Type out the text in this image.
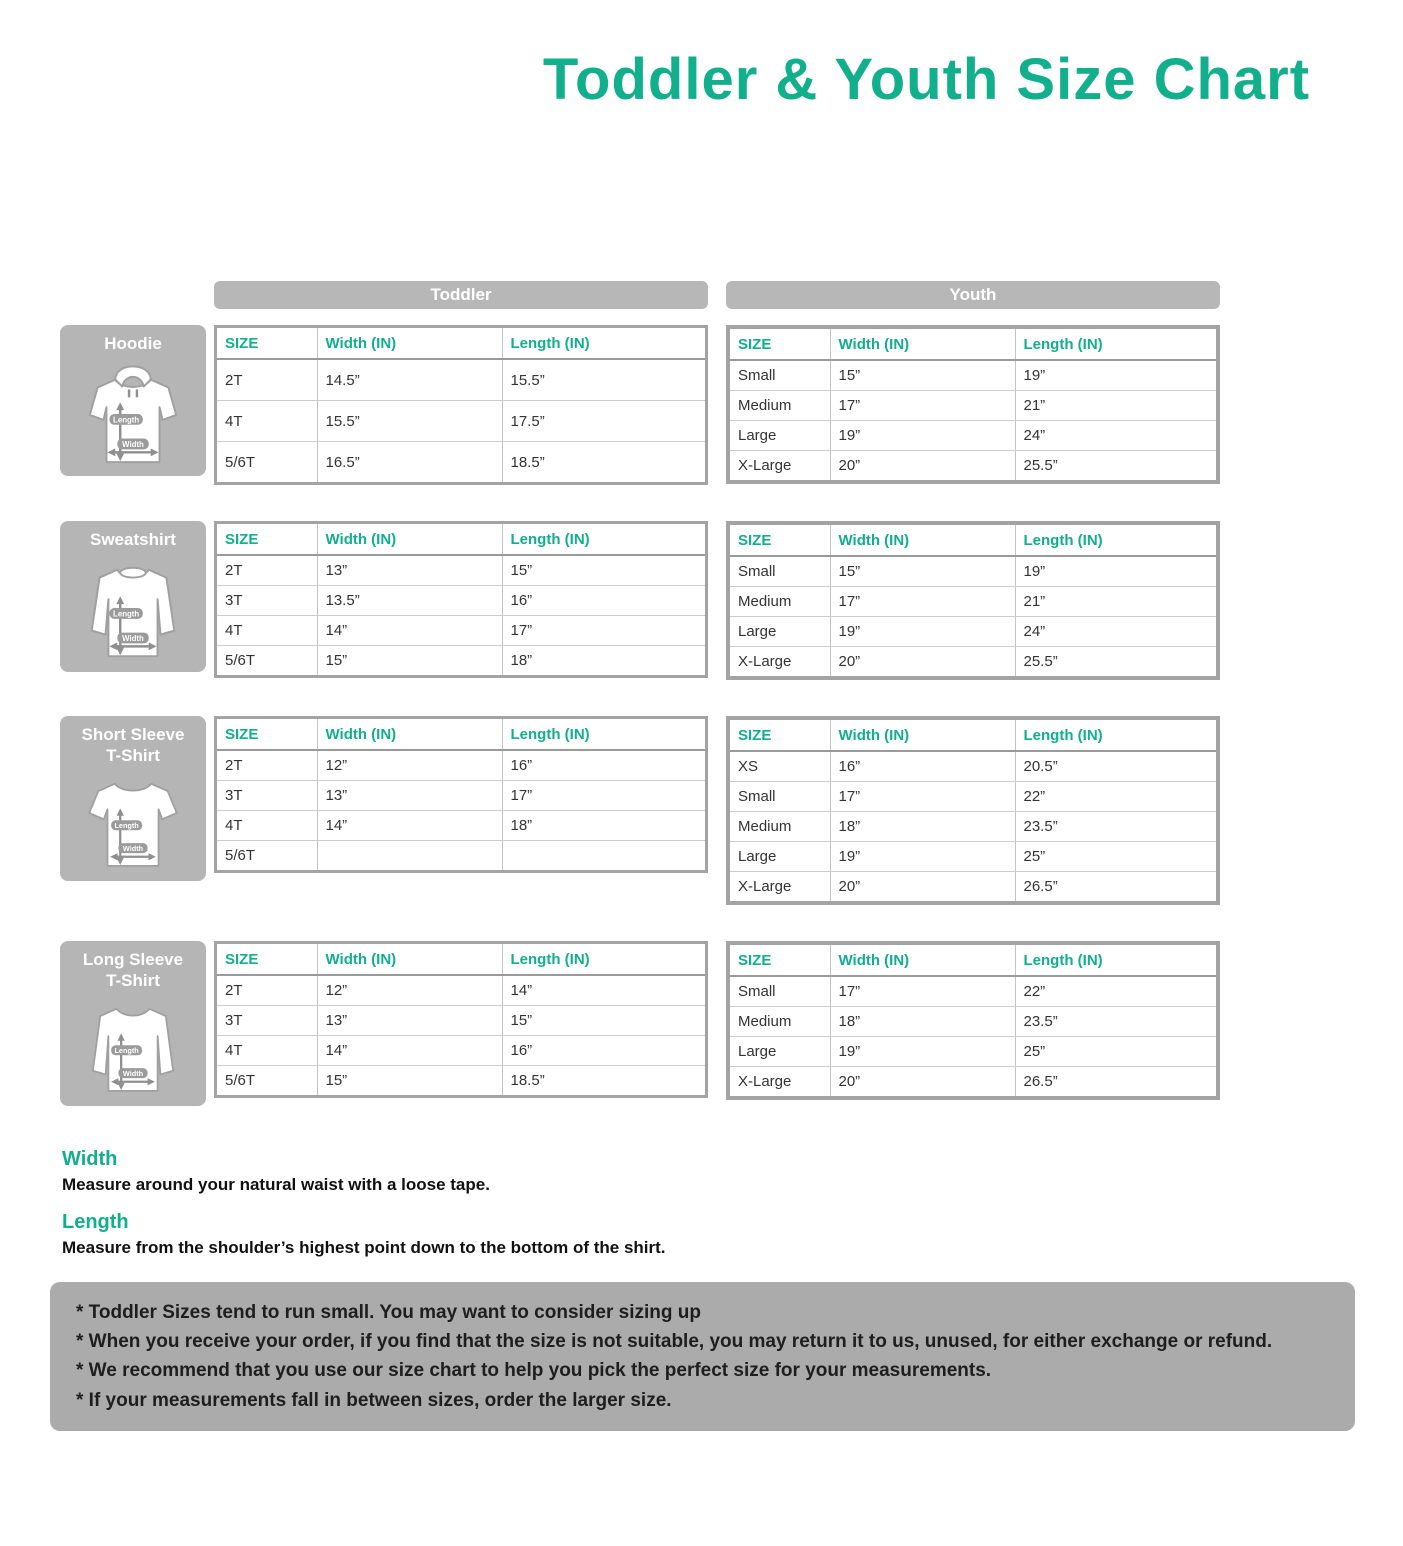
Toddler & Youth Size Chart
Toddler	Youth
Hoodie
Length
Width
SIZE	Width (IN)	Length (IN)
2T	14.5”	15.5”
4T	15.5”	17.5”
5/6T	16.5”	18.5”
SIZE	Width (IN)	Length (IN)
Small	15”	19”
Medium	17”	21”
Large	19”	24”
X-Large	20”	25.5”
Sweatshirt
Length
Width
SIZE	Width (IN)	Length (IN)
2T	13”	15”
3T	13.5”	16”
4T	14”	17”
5/6T	15”	18”
SIZE	Width (IN)	Length (IN)
Small	15”	19”
Medium	17”	21”
Large	19”	24”
X-Large	20”	25.5”
Short Sleeve
T-Shirt
Length
Width
SIZE	Width (IN)	Length (IN)
2T	12”	16”
3T	13”	17”
4T	14”	18”
5/6T		
SIZE	Width (IN)	Length (IN)
XS	16”	20.5”
Small	17”	22”
Medium	18”	23.5”
Large	19”	25”
X-Large	20”	26.5”
Long Sleeve
T-Shirt
Length
Width
SIZE	Width (IN)	Length (IN)
2T	12”	14”
3T	13”	15”
4T	14”	16”
5/6T	15”	18.5”
SIZE	Width (IN)	Length (IN)
Small	17”	22”
Medium	18”	23.5”
Large	19”	25”
X-Large	20”	26.5”
Width

Measure around your natural waist with a loose tape.

Length

Measure from the shoulder’s highest point down to the bottom of the shirt.

* Toddler Sizes tend to run small. You may want to consider sizing up
* When you receive your order, if you find that the size is not suitable, you may return it to us, unused, for either exchange or refund.
* We recommend that you use our size chart to help you pick the perfect size for your measurements.
* If your measurements fall in between sizes, order the larger size.
